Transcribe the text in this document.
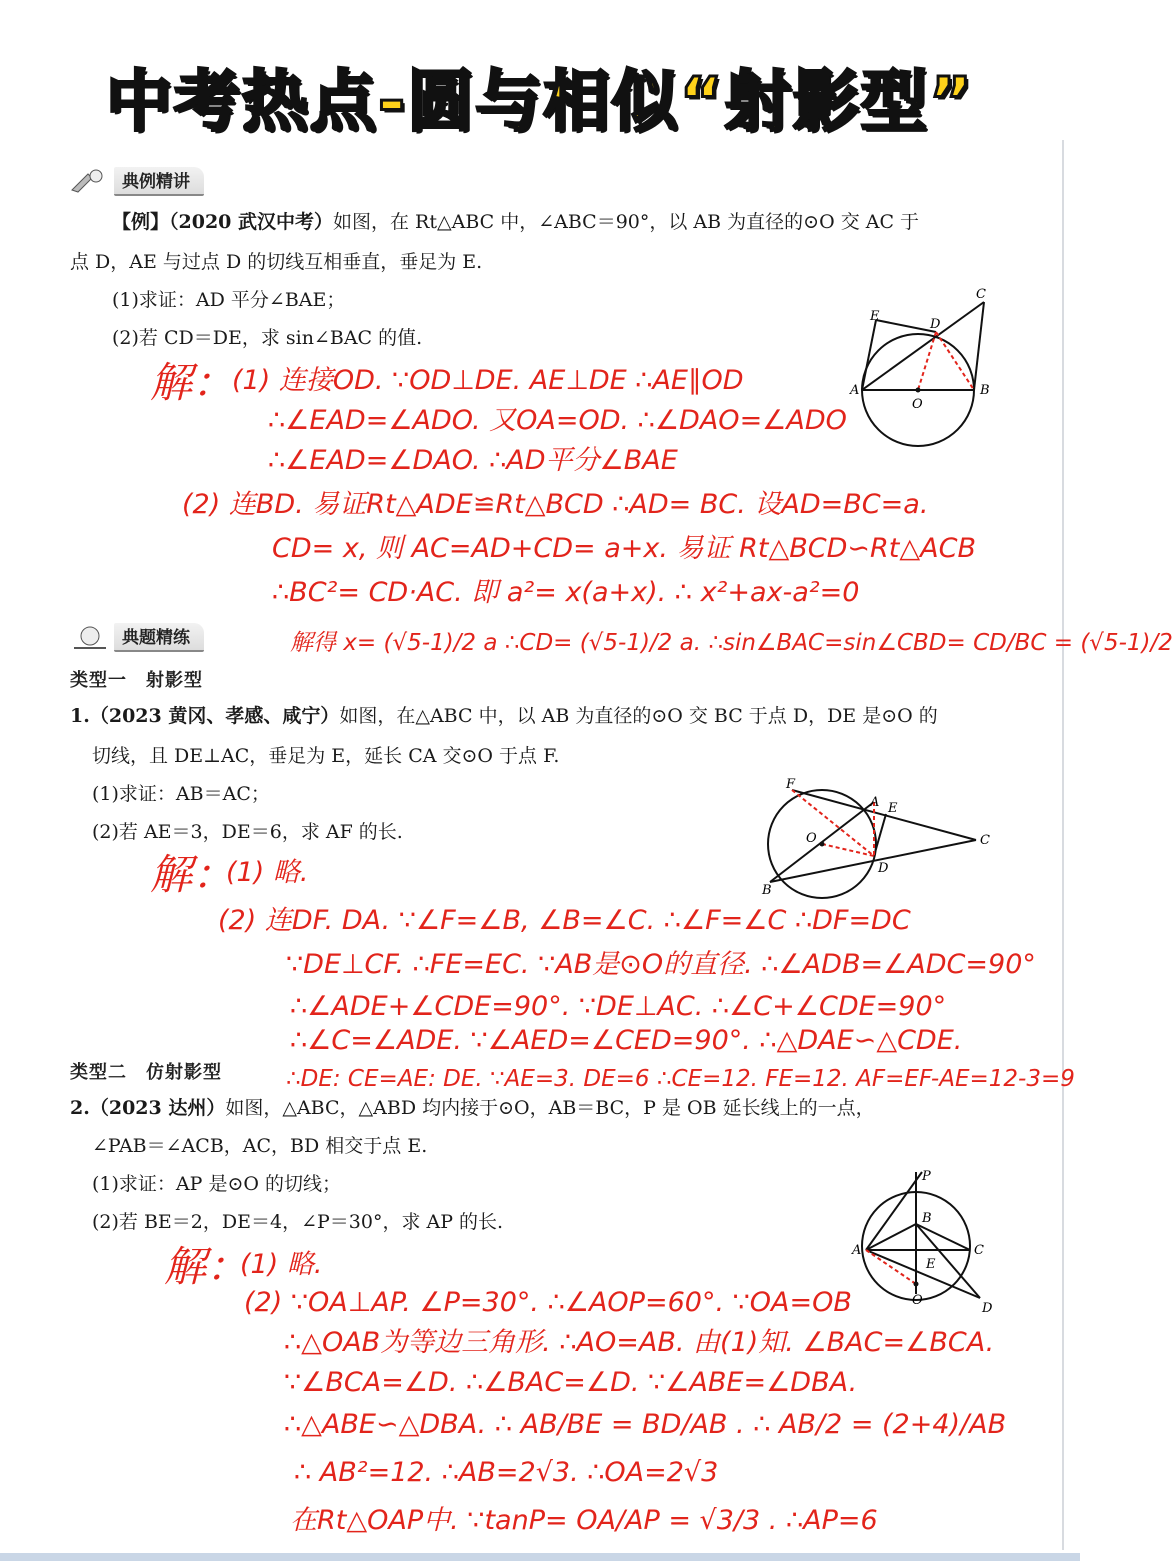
中考热点-圆与相似“射影型”
典例精讲
【例】（2020 武汉中考）如图，在 Rt△ABC 中，∠ABC＝90°，以 AB 为直径的⊙O 交 AC 于
点 D，AE 与过点 D 的切线互相垂直，垂足为 E.
(1)求证：AD 平分∠BAE；
(2)若 CD＝DE，求 sin∠BAC 的值.
E
D
C
A
O
B
解：
(1) 连接OD. ∵OD⊥DE. AE⊥DE ∴AE∥OD
∴∠EAD=∠ADO. 又OA=OD. ∴∠DAO=∠ADO
∴∠EAD=∠DAO. ∴AD平分∠BAE
(2) 连BD. 易证Rt△ADE≌Rt△BCD ∴AD= BC. 设AD=BC=a.
CD= x, 则 AC=AD+CD= a+x. 易证 Rt△BCD∽Rt△ACB
∴BC²= CD·AC. 即 a²= x(a+x). ∴ x²+ax-a²=0
解得 x= (√5-1)/2 a ∴CD= (√5-1)/2 a. ∴sin∠BAC=sin∠CBD= CD/BC = (√5-1)/2
典题精练
类型一　射影型
1.（2023 黄冈、孝感、咸宁）如图，在△ABC 中，以 AB 为直径的⊙O 交 BC 于点 D，DE 是⊙O 的
切线，且 DE⊥AC，垂足为 E，延长 CA 交⊙O 于点 F.
(1)求证：AB＝AC；
(2)若 AE＝3，DE＝6，求 AF 的长.
F
A E
O	C
D
B
解：
(1) 略.
(2) 连DF. DA. ∵∠F=∠B, ∠B=∠C. ∴∠F=∠C ∴DF=DC
∵DE⊥CF. ∴FE=EC. ∵AB是⊙O的直径. ∴∠ADB=∠ADC=90°
∴∠ADE+∠CDE=90°. ∵DE⊥AC. ∴∠C+∠CDE=90°
∴∠C=∠ADE. ∵∠AED=∠CED=90°. ∴△DAE∽△CDE.
∴DE: CE=AE: DE. ∵AE=3. DE=6 ∴CE=12. FE=12. AF=EF-AE=12-3=9
类型二　仿射影型
2.（2023 达州）如图，△ABC，△ABD 均内接于⊙O，AB＝BC，P 是 OB 延长线上的一点，
∠PAB＝∠ACB，AC，BD 相交于点 E.
(1)求证：AP 是⊙O 的切线；
(2)若 BE＝2，DE＝4，∠P＝30°，求 AP 的长.
P
B
A	C
E
O
D
解：
(1) 略.
(2) ∵OA⊥AP. ∠P=30°. ∴∠AOP=60°. ∵OA=OB
∴△OAB为等边三角形. ∴AO=AB. 由(1)知. ∠BAC=∠BCA.
∵∠BCA=∠D. ∴∠BAC=∠D. ∵∠ABE=∠DBA.
∴△ABE∽△DBA. ∴ AB/BE = BD/AB . ∴ AB/2 = (2+4)/AB
∴ AB²=12. ∴AB=2√3. ∴OA=2√3
在Rt△OAP中. ∵tanP= OA/AP = √3/3 . ∴AP=6
